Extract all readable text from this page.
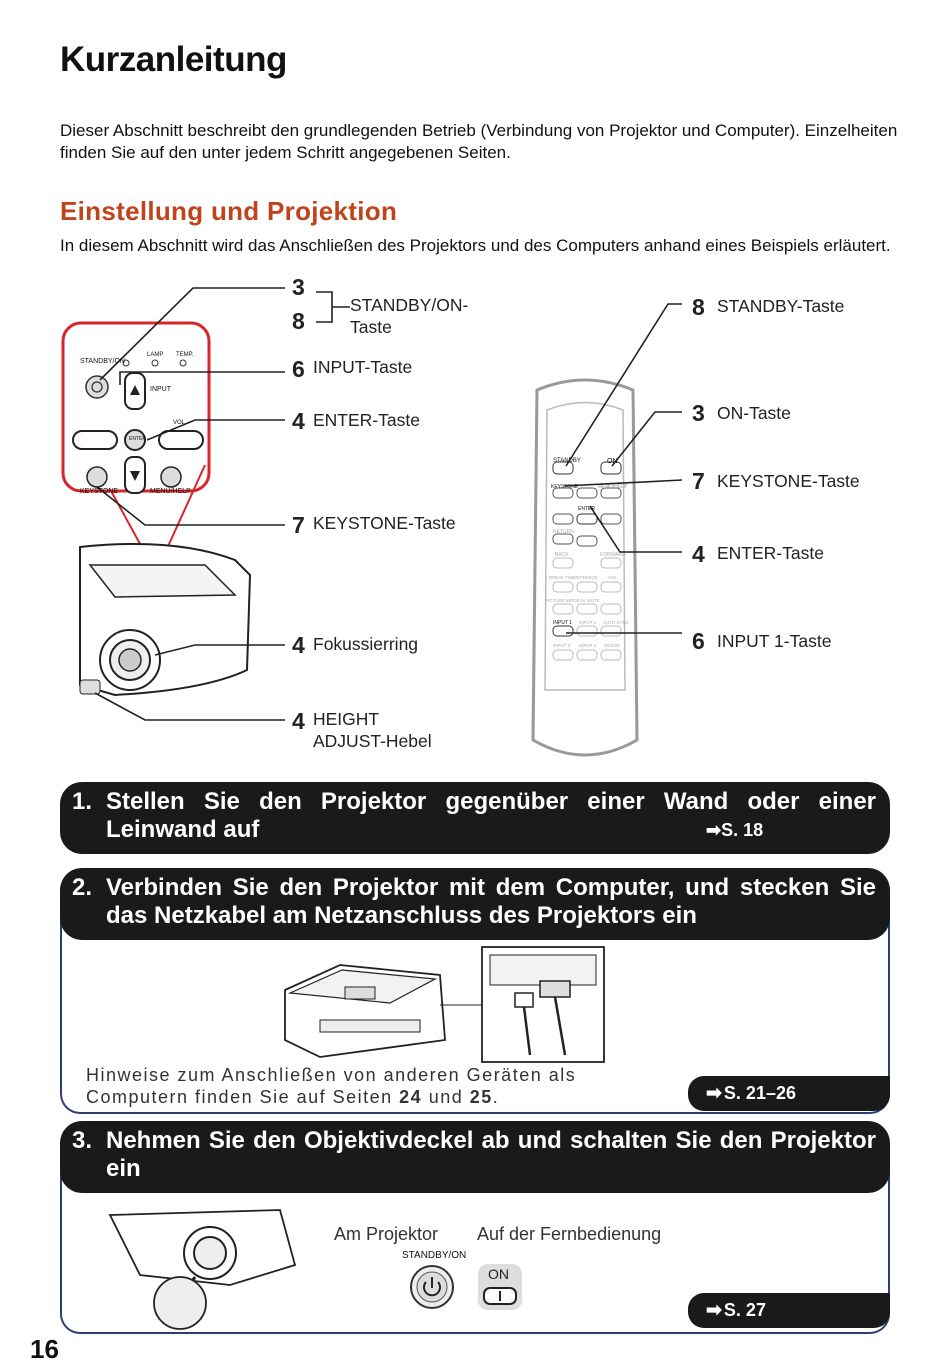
Kurzanleitung
Dieser Abschnitt beschreibt den grundlegenden Betrieb (Verbindung von Projektor und Computer). Einzelheiten finden Sie auf den unter jedem Schritt angegebenen Seiten.
Einstellung und Projektion
In diesem Abschnitt wird das Anschließen des Projektors und des Computers anhand eines Beispiels erläutert.
STANDBY/ON
LAMP TEMP.
INPUT
VOL
ENTER
KEYSTONE	MENU/HELP
3
8
STANDBY/ON-Taste
6 INPUT-Taste
4 ENTER-Taste
7 KEYSTONE-Taste
4 Fokussierring
4 HEIGHT ADJUST-Hebel
STANDBY	ON
KEYSTONE	MENU/HELP
ENTER
RETURN
BACK	FORWARD
BREAK TIMER FREEZE VOL
PICTURE MODE AV MUTE
INPUT 1 INPUT 2 AUTO SYNC
INPUT 3 INPUT 4 RESIZE
8 STANDBY-Taste
3 ON-Taste
7 KEYSTONE-Taste
4 ENTER-Taste
6 INPUT 1-Taste
1. Stellen Sie den Projektor gegenüber einer Wand oder einer Leinwand auf	➡S. 18
2. Verbinden Sie den Projektor mit dem Computer, und stecken Sie das Netzkabel am Netzanschluss des Projektors ein
Hinweise zum Anschließen von anderen Geräten als Computern finden Sie auf Seiten 24 und 25.	➡ S. 21–26
3. Nehmen Sie den Objektivdeckel ab und schalten Sie den Projektor ein
Am Projektor Auf der Fernbedienung
STANDBY/ON
ON
➡ S. 27
16
